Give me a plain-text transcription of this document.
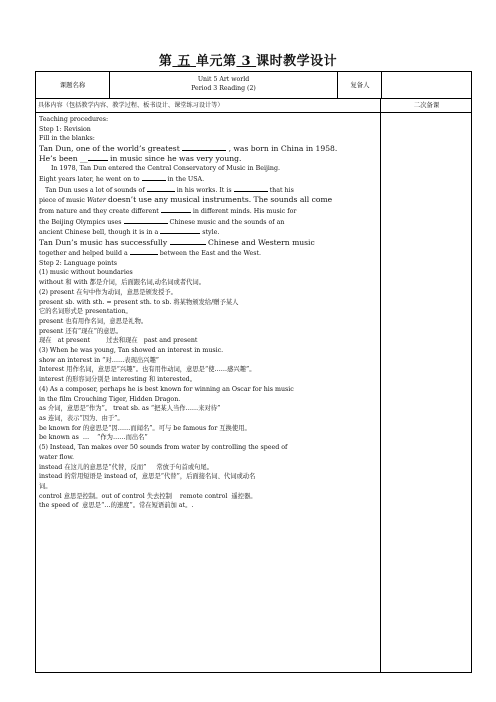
第 五 单元第 3 课时教学设计
课题名称
Unit 5 Art world
Period 3 Reading (2)	复备人
具体内容（包括教学内容、教学过程、板书设计、课堂练习设计等）	二次备课

Teaching procedures:

Step 1: Revision

Fill in the blanks:

Tan Dun, one of the world’s greatest	, was born in China in 1958.

He’s been __	in music since he was very young.

In 1978, Tan Dun entered the Central Conservatory of Music in Beijing.

Eight years later, he went on to	in the USA.

Tan Dun uses a lot of sounds of	in his works. It is	that his

piece of music Water doesn’t use any musical instruments. The sounds all come

from nature and they create different	in different minds. His music for

the Beijing Olympics uses	Chinese music and the sounds of an

ancient Chinese bell, though it is in a	style.

Tan Dun’s music has successfully	Chinese and Western music

together and helped build a	between the East and the West.

Step 2: Language points

(1) music without boundaries

without 和 with 都是介词，后面跟名词,动名词或者代词。

(2) present 在句中作为动词，意思是颁发授予。

present sb. with sth. = present sth. to sb. 将某物颁发给/赠予某人

它的名词形式是 presentation。

present 也有用作名词，意思是礼物。

present 还有“现在”的意思。

现在   at present        过去和现在   past and present

(3) When he was young, Tan showed an interest in music.

show an interest in “对……表现出兴趣”

Interest 用作名词，意思是“兴趣”。也有用作动词，意思是“使……感兴趣”。

interest 的形容词分别是 interesting 和 interested。

(4) As a composer, perhaps he is best known for winning an Oscar for his music

in the film Crouching Tiger, Hidden Dragon.

as 介词，意思是“作为”。 treat sb. as “把某人当作……来对待”

as 连词，表示“因为、由于”。

be known for 的意思是“因……而闻名”。可与 be famous for 互换使用。

be known as  …    “作为……而出名”

(5) Instead, Tan makes over 50 sounds from water by controlling the speed of

water flow.

instead 在这儿的意思是“代替，反而”     常放于句首或句尾。

instead 的常用短语是 instead of，意思是“代替”，后面接名词、代词或动名

词。

control 意思是控制。out of control 失去控制    remote control  遥控器。

the speed of  意思是“…的速度”。常在短语前加 at。.
